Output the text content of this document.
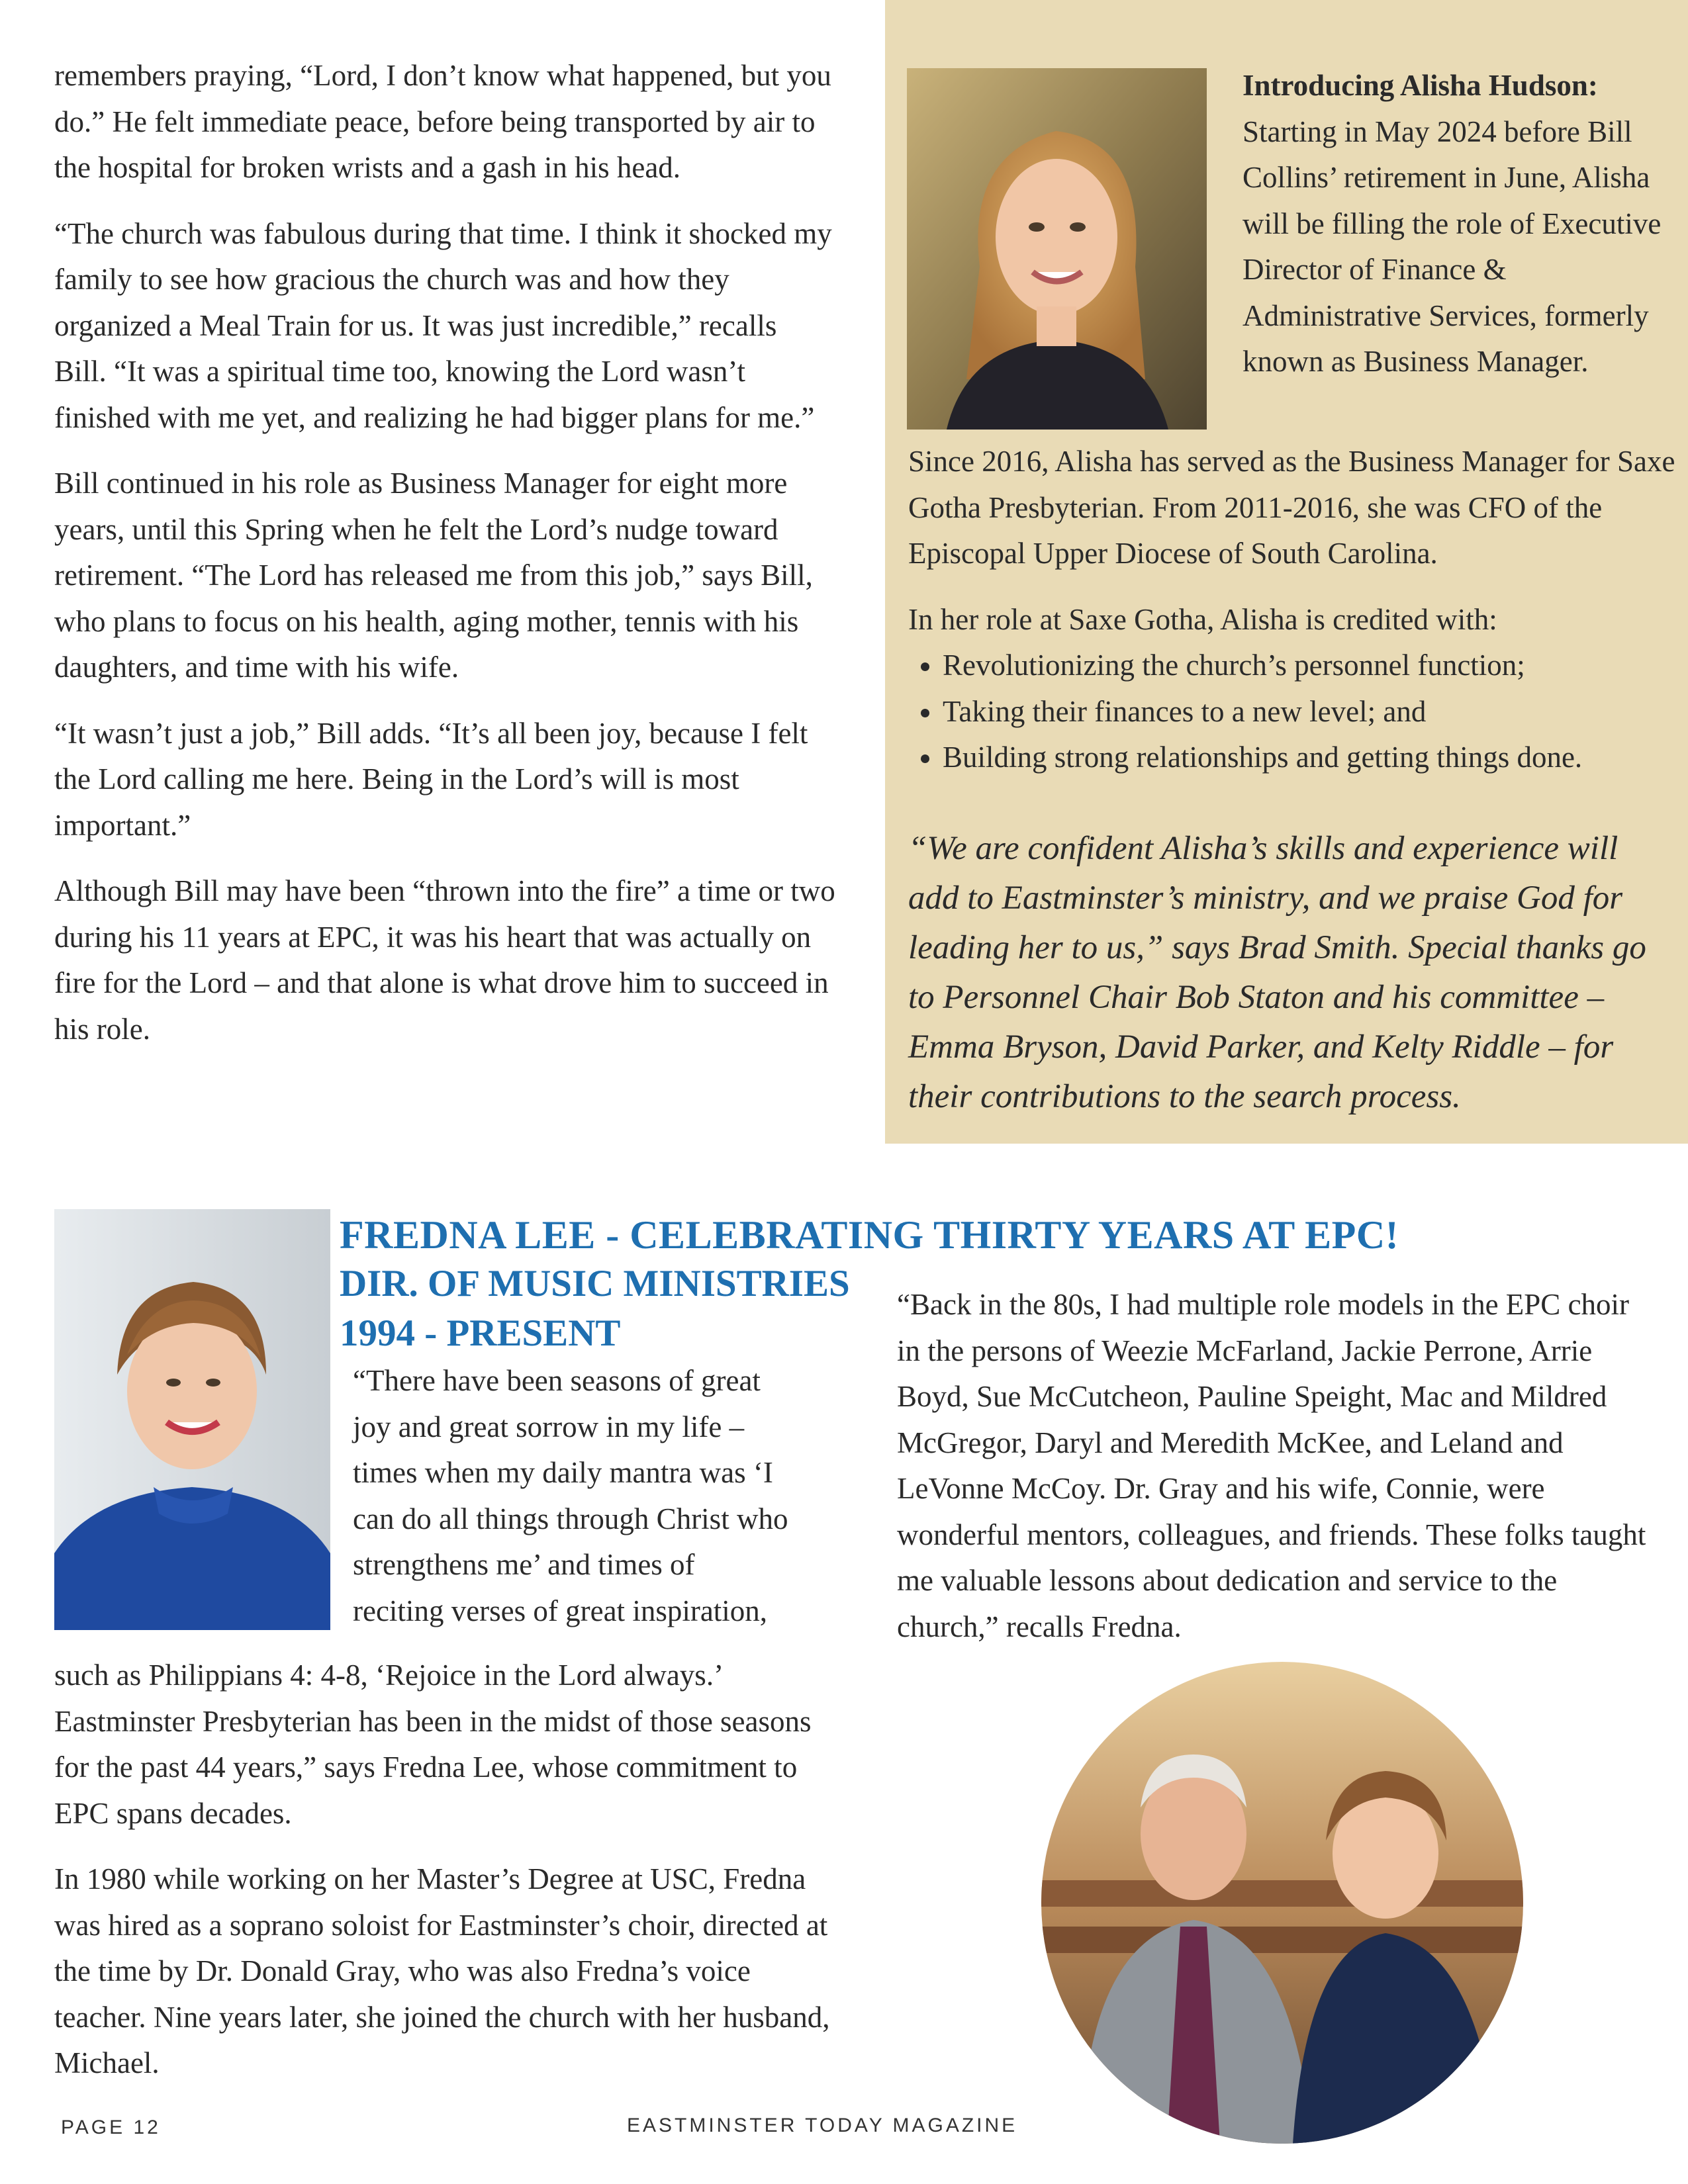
remembers praying, “Lord, I don’t know what happened, but you do.” He felt immediate peace, before being transported by air to the hospital for broken wrists and a gash in his head.

“The church was fabulous during that time. I think it shocked my family to see how gracious the church was and how they organized a Meal Train for us. It was just incredible,” recalls Bill. “It was a spiritual time too, knowing the Lord wasn’t finished with me yet, and realizing he had bigger plans for me.”

Bill continued in his role as Business Manager for eight more years, until this Spring when he felt the Lord’s nudge toward retirement. “The Lord has released me from this job,” says Bill, who plans to focus on his health, aging mother, tennis with his daughters, and time with his wife.

“It wasn’t just a job,” Bill adds. “It’s all been joy, because I felt the Lord calling me here. Being in the Lord’s will is most important.”

Although Bill may have been “thrown into the fire” a time or two during his 11 years at EPC, it was his heart that was actually on fire for the Lord – and that alone is what drove him to succeed in his role.

Introducing Alisha Hudson:
Starting in May 2024 before Bill Collins’ retirement in June, Alisha will be filling the role of Executive Director of Finance & Administrative Services, formerly known as Business Manager.

Since 2016, Alisha has served as the Business Manager for Saxe Gotha Presbyterian. From 2011-2016, she was CFO of the Episcopal Upper Diocese of South Carolina.

In her role at Saxe Gotha, Alisha is credited with:

• Revolutionizing the church’s personnel function;
• Taking their finances to a new level; and
• Building strong relationships and getting things done.
“We are confident Alisha’s skills and experience will add to Eastminster’s ministry, and we praise God for leading her to us,” says Brad Smith. Special thanks go to Personnel Chair Bob Staton and his committee – Emma Bryson, David Parker, and Kelty Riddle – for their contributions to the search process.
FREDNA LEE - CELEBRATING THIRTY YEARS AT EPC!
DIR. OF MUSIC MINISTRIES
1994 - PRESENT

“There have been seasons of great joy and great sorrow in my life – times when my daily mantra was ‘I can do all things through Christ who strengthens me’ and times of reciting verses of great inspiration,

such as Philippians 4: 4-8, ‘Rejoice in the Lord always.’ Eastminster Presbyterian has been in the midst of those seasons for the past 44 years,” says Fredna Lee, whose commitment to EPC spans decades.

In 1980 while working on her Master’s Degree at USC, Fredna was hired as a soprano soloist for Eastminster’s choir, directed at the time by Dr. Donald Gray, who was also Fredna’s voice teacher. Nine years later, she joined the church with her husband, Michael.

“Back in the 80s, I had multiple role models in the EPC choir in the persons of Weezie McFarland, Jackie Perrone, Arrie Boyd, Sue McCutcheon, Pauline Speight, Mac and Mildred McGregor, Daryl and Meredith McKee, and Leland and LeVonne McCoy. Dr. Gray and his wife, Connie, were wonderful mentors, colleagues, and friends. These folks taught me valuable lessons about dedication and service to the church,” recalls Fredna.

PAGE 12	EASTMINSTER TODAY MAGAZINE
